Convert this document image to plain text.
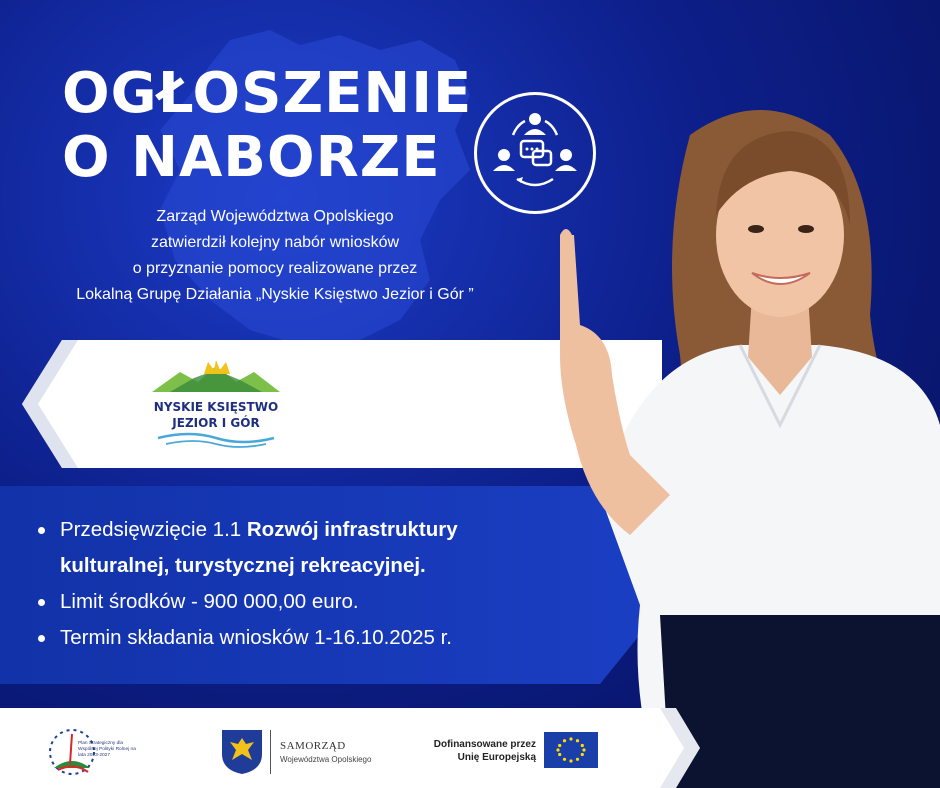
OGŁOSZENIE
O NABORZE
Zarząd Województwa Opolskiego
zatwierdził kolejny nabór wniosków
o przyznanie pomocy realizowane przez
Lokalną Grupę Działania „Nyskie Księstwo Jezior i Gór ”
NYSKIE KSIĘSTWO
JEZIOR I GÓR
Przedsięwzięcie 1.1 Rozwój infrastruktury
kulturalnej, turystycznej rekreacyjnej.
Limit środków - 900 000,00 euro.
Termin składania wniosków 1-16.10.2025 r.
Plan Strategiczny dla Wspólnej Polityki Rolnej na lata 2023-2027
SAMORZĄD
Województwa Opolskiego
Dofinansowane przez
Unię Europejską
